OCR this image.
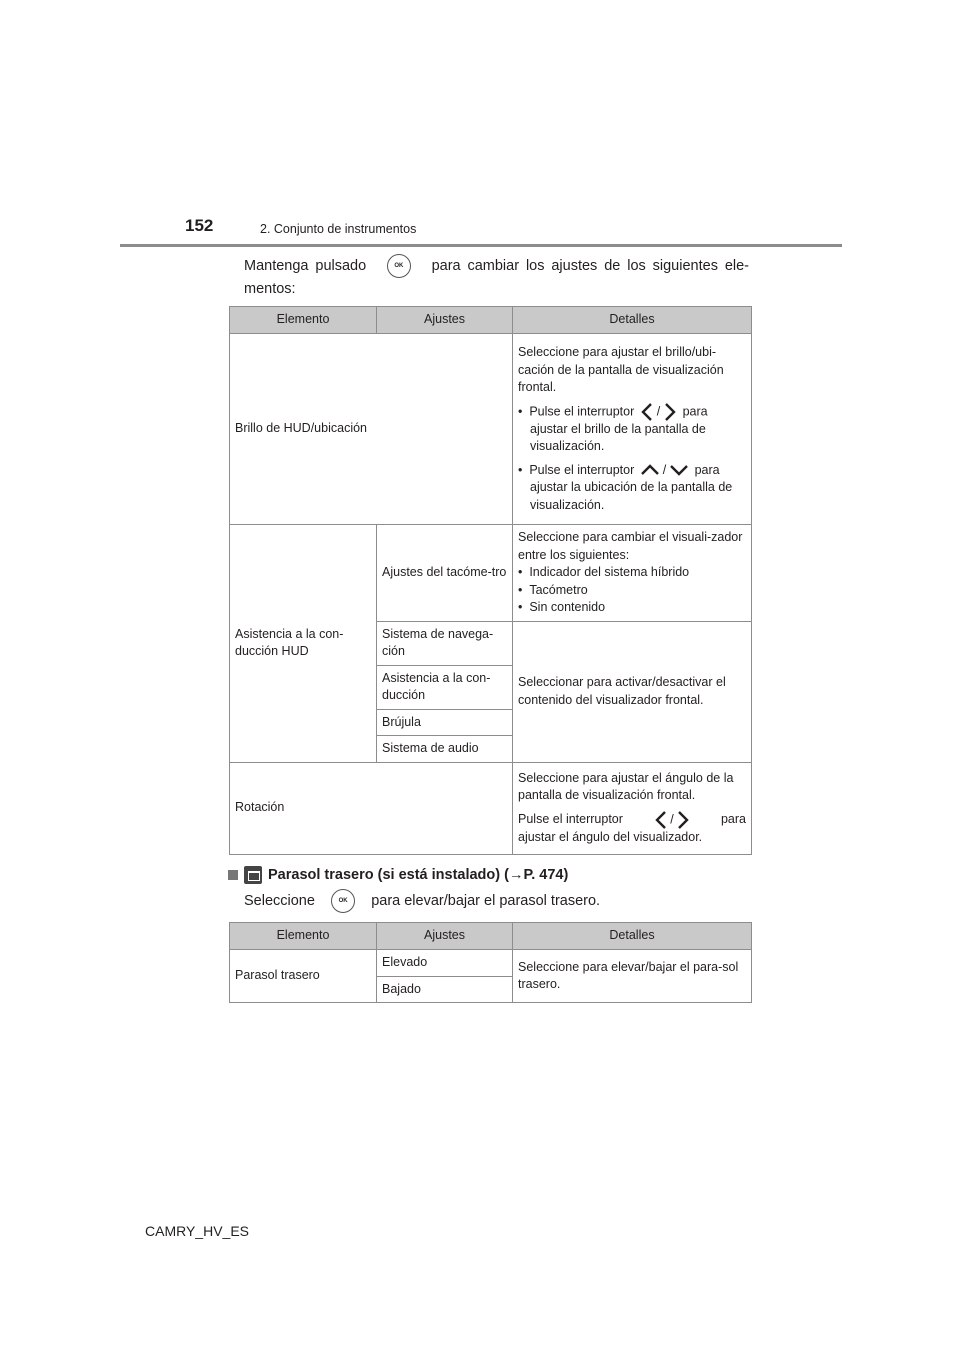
152	2. Conjunto de instrumentos
Mantenga pulsado	OK para cambiar los ajustes de los siguientes ele-mentos:
Elemento	Ajustes	Detalles
Brillo de HUD/ubicación		Seleccione para ajustar el brillo/ubi-cación de la pantalla de visualización frontal.
•  Pulse el interruptor / para ajustar el brillo de la pantalla de visualización.
•  Pulse el interruptor / para ajustar la ubicación de la pantalla de visualización.

Asistencia a la con-ducción HUD	Ajustes del tacóme-tro	Seleccione para cambiar el visuali-zador entre los siguientes:
•  Indicador del sistema híbrido
•  Tacómetro
•  Sin contenido

	Sistema de navega-ción	Seleccionar para activar/desactivar el contenido del visualizador frontal.
	Asistencia a la con-ducción	
	Brújula	
	Sistema de audio	
Rotación		Seleccione para ajustar el ángulo de la pantalla de visualización frontal.
Pulse el interruptor / para
ajustar el ángulo del visualizador.
Parasol trasero (si está instalado) (→P. 474)
Seleccione	OK para elevar/bajar el parasol trasero.
Elemento	Ajustes	Detalles
Parasol trasero	Elevado	Seleccione para elevar/bajar el para-sol trasero.
	Bajado	
CAMRY_HV_ES
